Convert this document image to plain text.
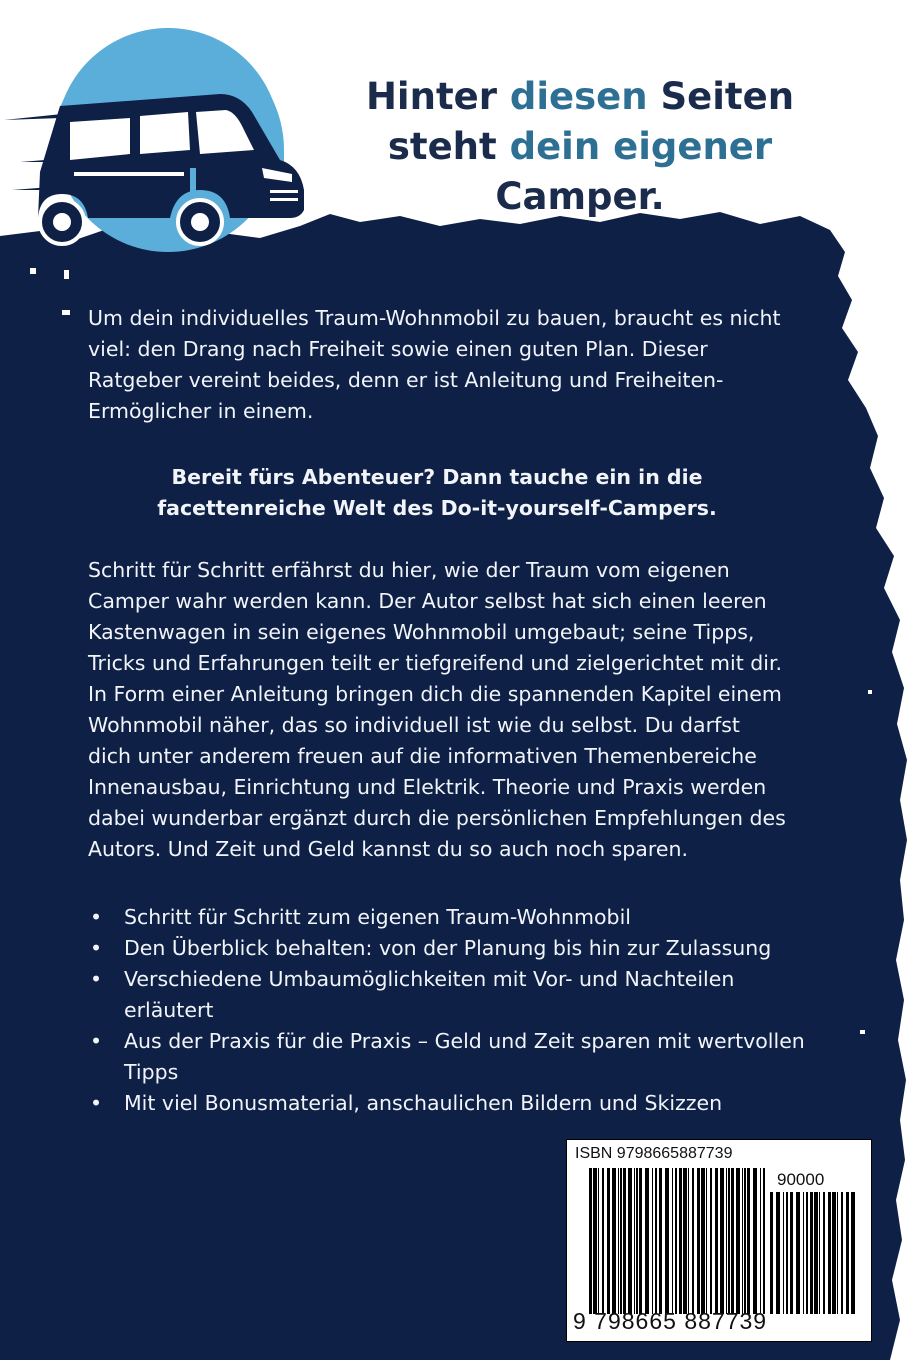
Hinter diesen Seiten
steht dein eigener Camper.

Um dein individuelles Traum-Wohnmobil zu bauen, braucht es nicht viel: den Drang nach Freiheit sowie einen guten Plan. Dieser Ratgeber vereint beides, denn er ist Anleitung und Freiheiten-Ermöglicher in einem.

Bereit fürs Abenteuer? Dann tauche ein in die facettenreiche Welt des Do-it-yourself-Campers.

Schritt für Schritt erfährst du hier, wie der Traum vom eigenen Camper wahr werden kann. Der Autor selbst hat sich einen leeren Kastenwagen in sein eigenes Wohnmobil umgebaut; seine Tipps, Tricks und Erfahrungen teilt er tiefgreifend und zielgerichtet mit dir. In Form einer Anleitung bringen dich die spannenden Kapitel einem Wohnmobil näher, das so individuell ist wie du selbst. Du darfst dich unter anderem freuen auf die informativen Themenbereiche Innenausbau, Einrichtung und Elektrik. Theorie und Praxis werden dabei wunderbar ergänzt durch die persönlichen Empfehlungen des Autors. Und Zeit und Geld kannst du so auch noch sparen.

• Schritt für Schritt zum eigenen Traum-Wohnmobil
• Den Überblick behalten: von der Planung bis hin zur Zulassung
• Verschiedene Umbaumöglichkeiten mit Vor- und Nachteilen erläutert
• Aus der Praxis für die Praxis – Geld und Zeit sparen mit wertvollen Tipps
• Mit viel Bonusmaterial, anschaulichen Bildern und Skizzen
ISBN 9798665887739
90000
9 798665 887739
